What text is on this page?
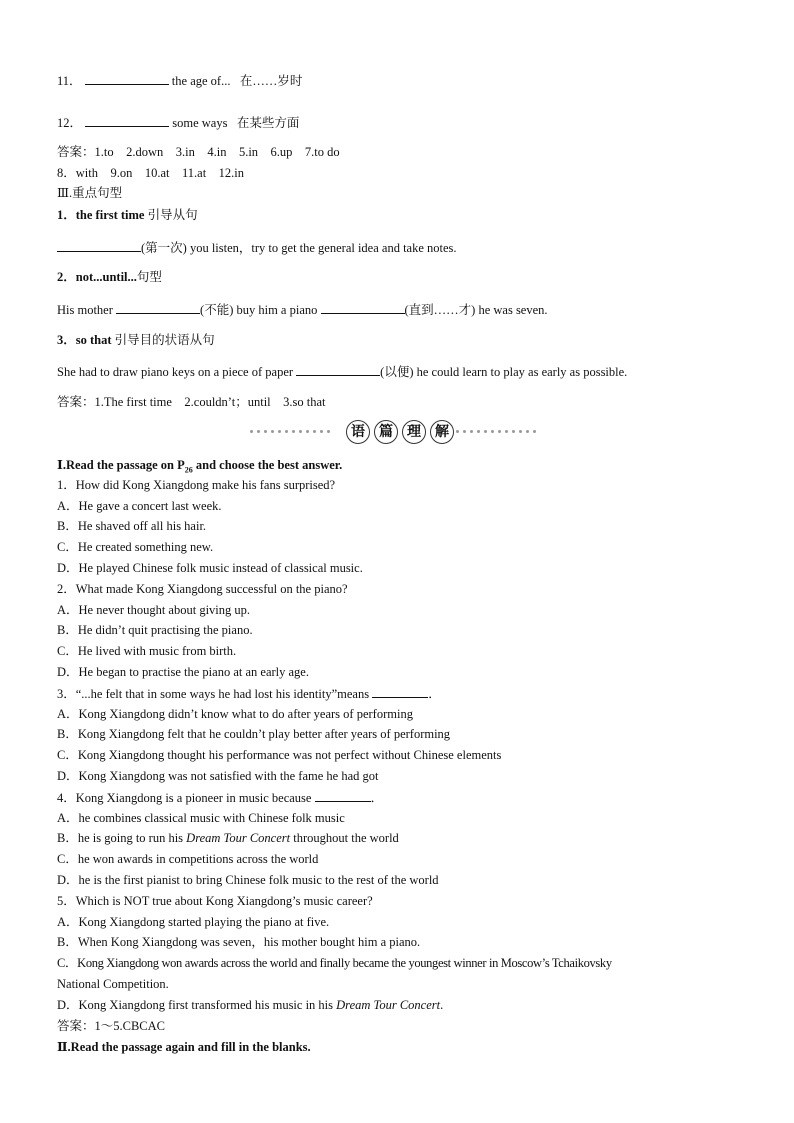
11．	the age of... 在……岁时
12．	some ways 在某些方面
答案：1.to　2.down　3.in　4.in　5.in　6.up　7.to do
8．with　9.on　10.at　11.at　12.in
Ⅲ.重点句型
1．the first time 引导从句
(第一次) you listen，try to get the general idea and take notes.
2．not...until...句型
His mother	(不能) buy him a piano	(直到……才) he was seven.
3．so that 引导目的状语从句
She had to draw piano keys on a piece of paper	(以便) he could learn to play as early as possible.
答案：1.The first time　2.couldn’t；until　3.so that
语 篇 理 解
Ⅰ.Read the passage on $P_{26}$ and choose the best answer.
1．How did Kong Xiangdong make his fans surprised?
A．He gave a concert last week.
B．He shaved off all his hair.
C．He created something new.
D．He played Chinese folk music instead of classical music.
2．What made Kong Xiangdong successful on the piano?
A．He never thought about giving up.
B．He didn’t quit practising the piano.
C．He lived with music from birth.
D．He began to practise the piano at an early age.
3．“...he felt that in some ways he had lost his identity”means	．
A．Kong Xiangdong didn’t know what to do after years of performing
B．Kong Xiangdong felt that he couldn’t play better after years of performing
C．Kong Xiangdong thought his performance was not perfect without Chinese elements
D．Kong Xiangdong was not satisfied with the fame he had got
4．Kong Xiangdong is a pioneer in music because	．
A．he combines classical music with Chinese folk music
B．he is going to run his Dream Tour Concert throughout the world
C．he won awards in competitions across the world
D．he is the first pianist to bring Chinese folk music to the rest of the world
5．Which is NOT true about Kong Xiangdong’s music career?
A．Kong Xiangdong started playing the piano at five.
B．When Kong Xiangdong was seven，his mother bought him a piano.
C．Kong Xiangdong won awards across the world and finally became the youngest winner in Moscow’s Tchaikovsky
National Competition.
D．Kong Xiangdong first transformed his music in his Dream Tour Concert.
答案：1～5.CBCAC
Ⅱ.Read the passage again and fill in the blanks.
